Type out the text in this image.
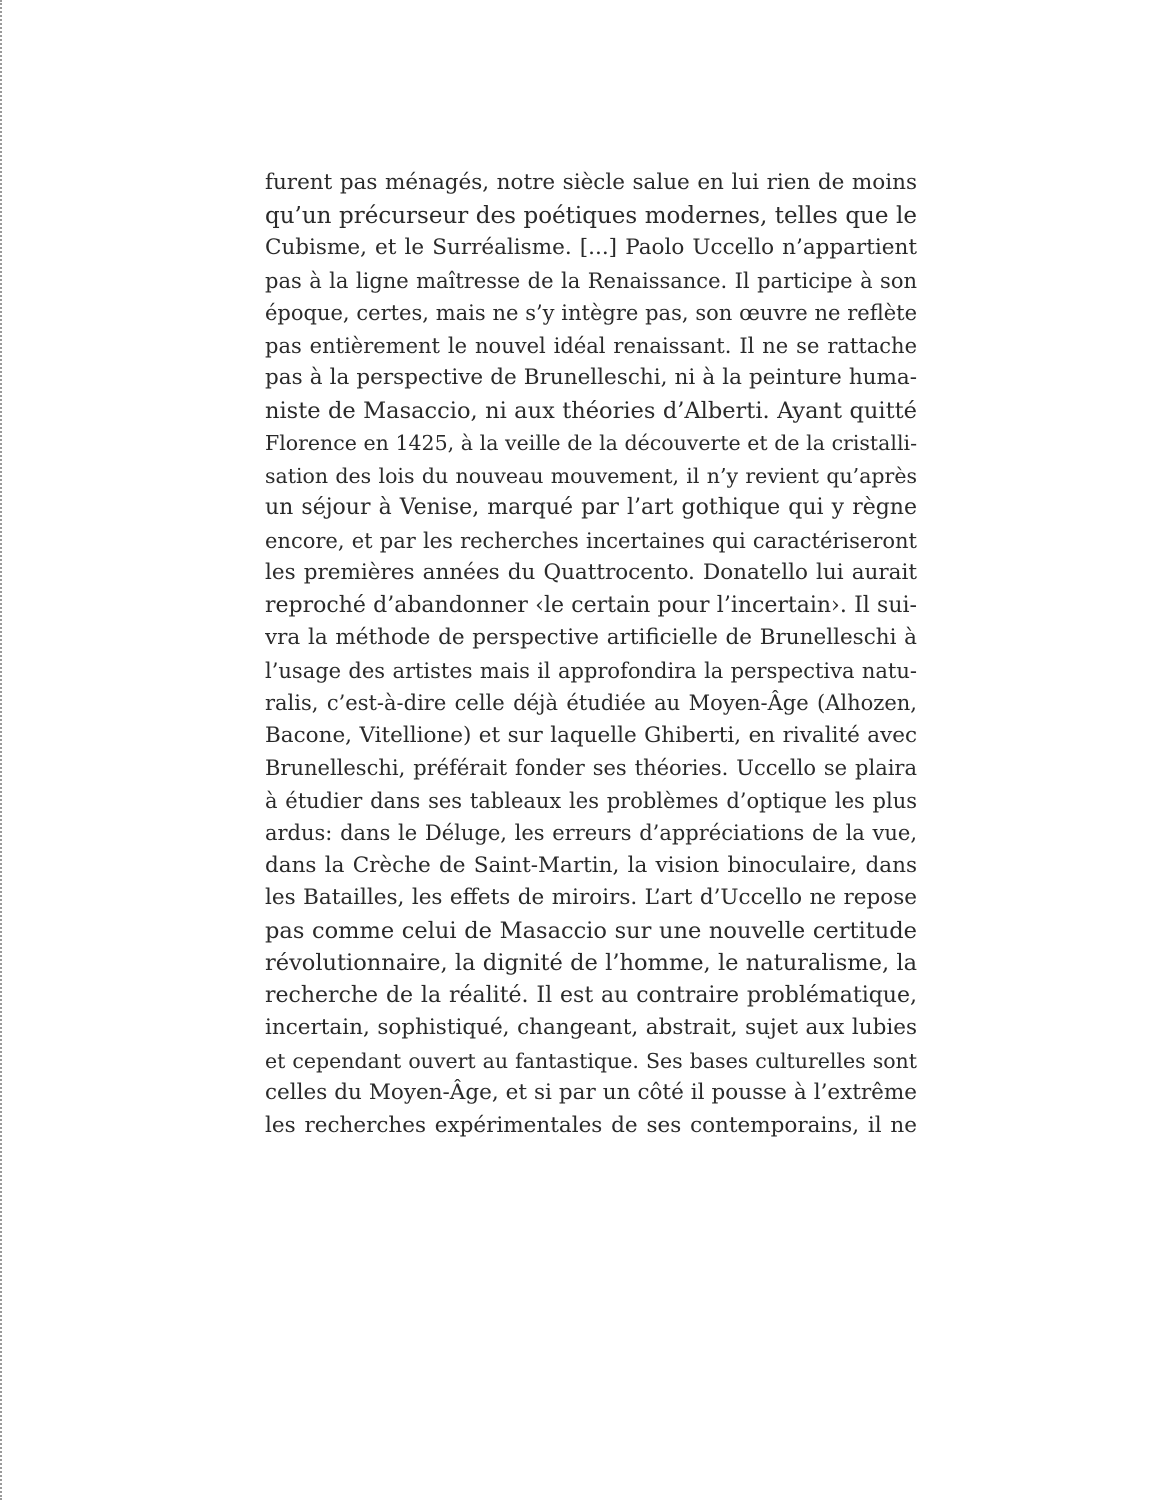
furent pas ménagés, notre siècle salue en lui rien de moins
qu’un précurseur des poétiques modernes, telles que le
Cubisme, et le Surréalisme. [...] Paolo Uccello n’appartient
pas à la ligne maîtresse de la Renaissance. Il participe à son
époque, certes, mais ne s’y intègre pas, son œuvre ne reflète
pas entièrement le nouvel idéal renaissant. Il ne se rattache
pas à la perspective de Brunelleschi, ni à la peinture huma-
niste de Masaccio, ni aux théories d’Alberti. Ayant quitté
Florence en 1425, à la veille de la découverte et de la cristalli-
sation des lois du nouveau mouvement, il n’y revient qu’après
un séjour à Venise, marqué par l’art gothique qui y règne
encore, et par les recherches incertaines qui caractériseront
les premières années du Quattrocento. Donatello lui aurait
reproché d’abandonner ‹le certain pour l’incertain›. Il sui-
vra la méthode de perspective artificielle de Brunelleschi à
l’usage des artistes mais il approfondira la perspectiva natu-
ralis, c’est-à-dire celle déjà étudiée au Moyen-Âge (Alhozen,
Bacone, Vitellione) et sur laquelle Ghiberti, en rivalité avec
Brunelleschi, préférait fonder ses théories. Uccello se plaira
à étudier dans ses tableaux les problèmes d’optique les plus
ardus: dans le Déluge, les erreurs d’appréciations de la vue,
dans la Crèche de Saint-Martin, la vision binoculaire, dans
les Batailles, les effets de miroirs. L’art d’Uccello ne repose
pas comme celui de Masaccio sur une nouvelle certitude
révolutionnaire, la dignité de l’homme, le naturalisme, la
recherche de la réalité. Il est au contraire problématique,
incertain, sophistiqué, changeant, abstrait, sujet aux lubies
et cependant ouvert au fantastique. Ses bases culturelles sont
celles du Moyen-Âge, et si par un côté il pousse à l’extrême
les recherches expérimentales de ses contemporains, il ne
